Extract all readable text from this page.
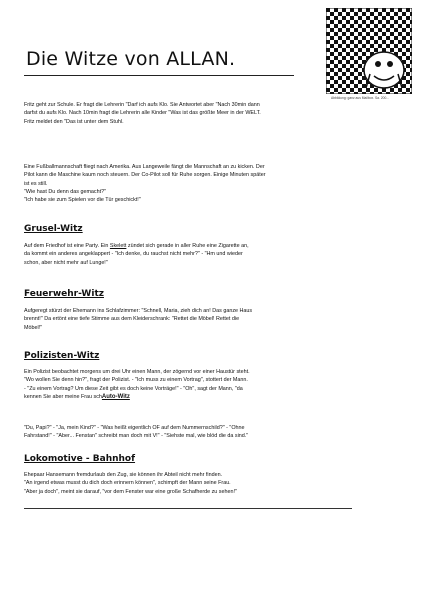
Die Witze von ALLAN.
Abbildung: ganz aus Mailbox. Sa. 200...

Fritz geht zur Schule. Er fragt die Lehrerin "Darf ich aufs Klo. Sie Antwortet aber "Nach 30min dann

darfst du aufs Klo. Nach 10min fragt die Lehrerin alle Kinder "Was ist das größte Meer in der WELT.

Fritz meldet den "Das ist unter dem Stuhl.

Eine Fußballmannschaft fliegt nach Amerika. Aus Langeweile fängt die Mannschaft an zu kicken. Der

Pilot kann die Maschine kaum noch steuern. Der Co-Pilot soll für Ruhe sorgen. Einige Minuten später

ist es still.

"Wie hast Du denn das gemacht?"

"Ich habe sie zum Spielen vor die Tür geschickt!"

Grusel-Witz

Auf dem Friedhof ist eine Party. Ein Skelett zündet sich gerade in aller Ruhe eine Zigarette an,

da kommt ein anderes angeklappert - "Ich denke, du rauchst nicht mehr?" - "Hm und wieder

schon, aber nicht mehr auf Lunge!"

Feuerwehr-Witz

Aufgeregt stürzt der Ehemann ins Schlafzimmer: "Schnell, Maria, zieh dich an! Das ganze Haus

brennt!" Da ertönt eine tiefe Stimme aus dem Kleiderschrank: "Rettet die Möbel! Rettet die

Möbel!"

Polizisten-Witz

Ein Polizist beobachtet morgens um drei Uhr einen Mann, der zögernd vor einer Haustür steht.

"Wo wollen Sie denn hin?", fragt der Polizist. - "Ich muss zu einem Vortrag", stottert der Mann.

- "Zu einem Vortrag? Um diese Zeit gibt es doch keine Vorträge!" - "Oh", sagt der Mann, "da

kennen Sie aber meine Frau schAuto-Witz

"Du, Papi?" - "Ja, mein Kind?" - "Was heißt eigentlich OF auf dem Nummernschild?" - "Ohne

Fahrstand!" - "Aber... Fenstan" schreibt man doch mit V!" - "Siehste mal, wie blöd die da sind."

Lokomotive - Bahnhof

Ehepaar Hansemann fremdurlaub den Zug, sie können ihr Abteil nicht mehr finden.

"An irgend etwas musst du dich doch erinnern können", schimpft der Mann seine Frau.

"Aber ja doch", meint sie darauf, "vor dem Fenster war eine große Schafherde zu sehen!"
